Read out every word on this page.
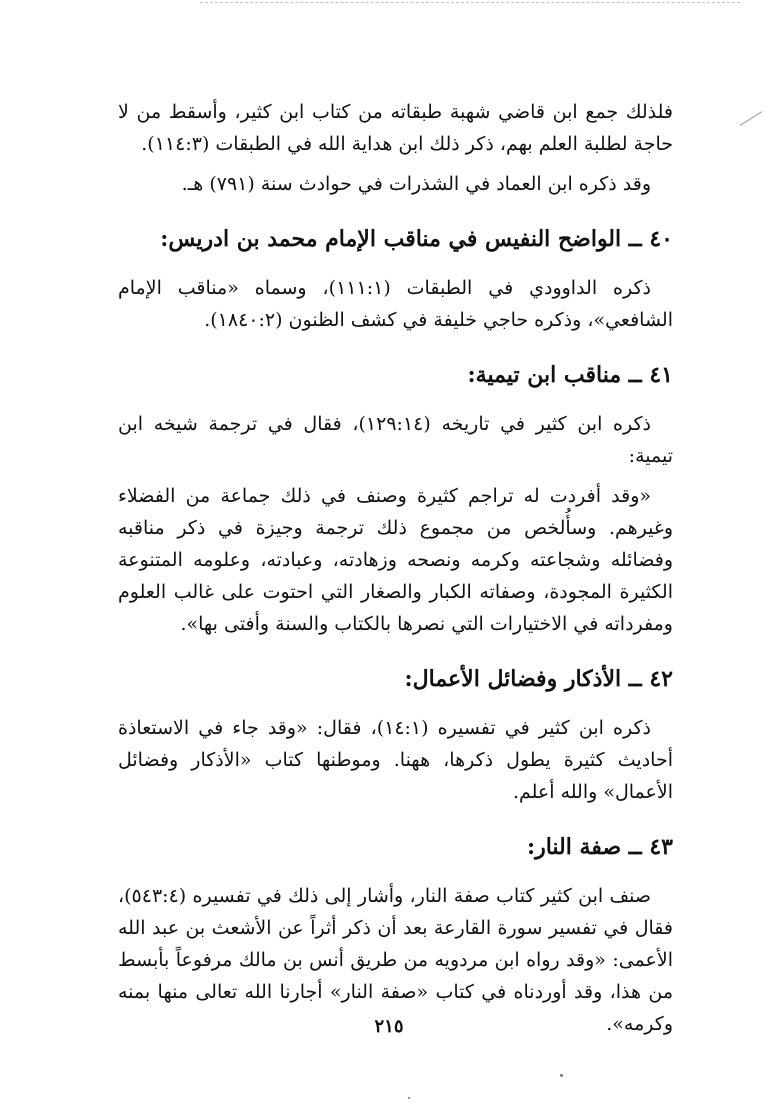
فلذلك جمع ابن قاضي شهبة طبقاته من كتاب ابن كثير، وأسقط من لا حاجة لطلبة العلم بهم، ذكر ذلك ابن هداية الله في الطبقات (١١٤:٣).

وقد ذكره ابن العماد في الشذرات في حوادث سنة (٧٩١) هـ.

٤٠ ــ الواضح النفيس في مناقب الإمام محمد بن ادريس:

ذكره الداوودي في الطبقات (١١١:١)، وسماه «مناقب الإمام الشافعي»، وذكره حاجي خليفة في كشف الظنون (١٨٤٠:٢).

٤١ ــ مناقب ابن تيمية:

ذكره ابن كثير في تاريخه (١٢٩:١٤)، فقال في ترجمة شيخه ابن تيمية:

«وقد أفردت له تراجم كثيرة وصنف في ذلك جماعة من الفضلاء وغيرهم. وسأُلخص من مجموع ذلك ترجمة وجيزة في ذكر مناقبه وفضائله وشجاعته وكرمه ونصحه وزهادته، وعبادته، وعلومه المتنوعة الكثيرة المجودة، وصفاته الكبار والصغار التي احتوت على غالب العلوم ومفرداته في الاختيارات التي نصرها بالكتاب والسنة وأفتى بها».

٤٢ ــ الأذكار وفضائل الأعمال:

ذكره ابن كثير في تفسيره (١٤:١)، فقال: «وقد جاء في الاستعاذة أحاديث كثيرة يطول ذكرها، ههنا. وموطنها كتاب «الأذكار وفضائل الأعمال» والله أعلم.

٤٣ ــ صفة النار:

صنف ابن كثير كتاب صفة النار، وأشار إلى ذلك في تفسيره (٥٤٣:٤)، فقال في تفسير سورة القارعة بعد أن ذكر أثراً عن الأشعث بن عبد الله الأعمى: «وقد رواه ابن مردويه من طريق أنس بن مالك مرفوعاً بأبسط من هذا، وقد أوردناه في كتاب «صفة النار» أجارنا الله تعالى منها بمنه وكرمه».

٢١٥
